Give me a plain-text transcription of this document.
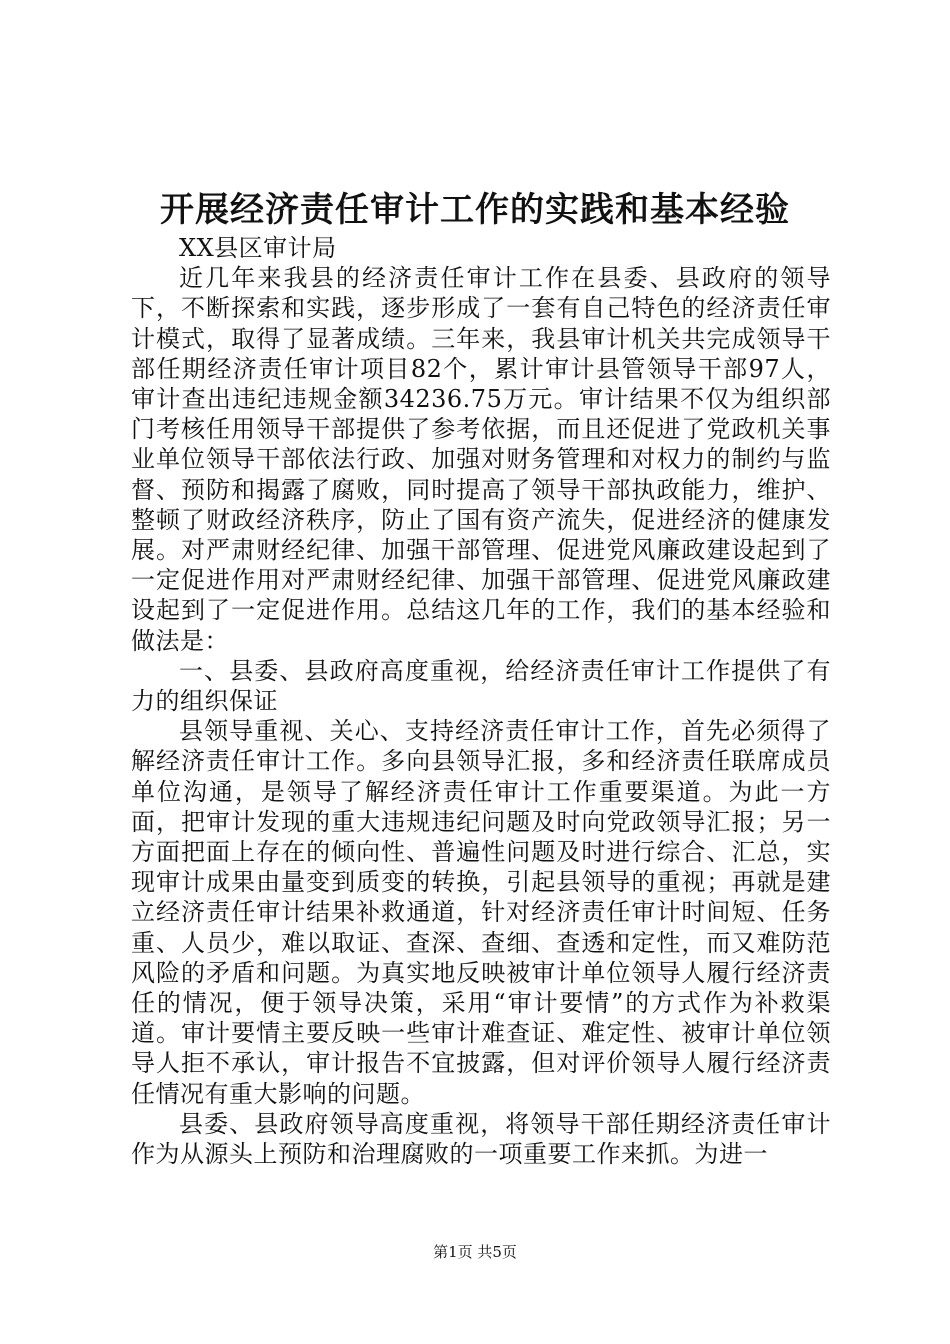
开展经济责任审计工作的实践和基本经验

XX县区审计局

近几年来我县的经济责任审计工作在县委、县政府的领导下，不断探索和实践，逐步形成了一套有自己特色的经济责任审计模式，取得了显著成绩。三年来，我县审计机关共完成领导干部任期经济责任审计项目82个，累计审计县管领导干部97人，审计查出违纪违规金额34236.75万元。审计结果不仅为组织部门考核任用领导干部提供了参考依据，而且还促进了党政机关事业单位领导干部依法行政、加强对财务管理和对权力的制约与监督、预防和揭露了腐败，同时提高了领导干部执政能力，维护、整顿了财政经济秩序，防止了国有资产流失，促进经济的健康发展。对严肃财经纪律、加强干部管理、促进党风廉政建设起到了一定促进作用对严肃财经纪律、加强干部管理、促进党风廉政建设起到了一定促进作用。总结这几年的工作，我们的基本经验和做法是：

一、县委、县政府高度重视，给经济责任审计工作提供了有力的组织保证

县领导重视、关心、支持经济责任审计工作，首先必须得了解经济责任审计工作。多向县领导汇报，多和经济责任联席成员单位沟通，是领导了解经济责任审计工作重要渠道。为此一方面，把审计发现的重大违规违纪问题及时向党政领导汇报；另一方面把面上存在的倾向性、普遍性问题及时进行综合、汇总，实现审计成果由量变到质变的转换，引起县领导的重视；再就是建立经济责任审计结果补救通道，针对经济责任审计时间短、任务重、人员少，难以取证、查深、查细、查透和定性，而又难防范风险的矛盾和问题。为真实地反映被审计单位领导人履行经济责任的情况，便于领导决策，采用“审计要情”的方式作为补救渠道。审计要情主要反映一些审计难查证、难定性、被审计单位领导人拒不承认，审计报告不宜披露，但对评价领导人履行经济责任情况有重大影响的问题。

县委、县政府领导高度重视，将领导干部任期经济责任审计作为从源头上预防和治理腐败的一项重要工作来抓。为进一

第1页 共5页
